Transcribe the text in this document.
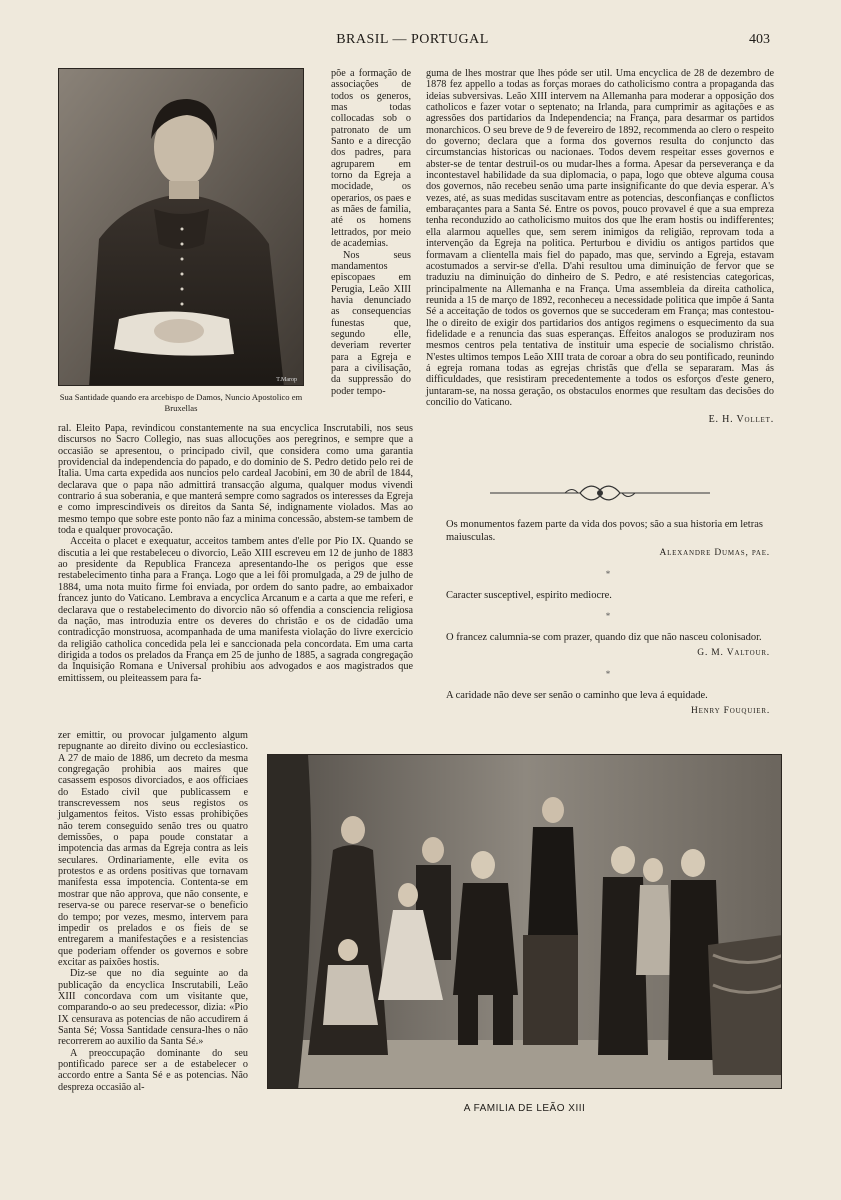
BRASIL — PORTUGAL	403
T.Marop
Sua Santidade quando era arcebispo de Damos, Nuncio Apostolico em Bruxellas

põe a formação de associações de todos os generos, mas todas collocadas sob o patronato de um Santo e a direcção dos padres, para agruparem em torno da Egreja a mocidade, os operarios, os paes e as mães de familia, até os homens lettrados, por meio de academias.

Nos seus mandamentos episcopaes em Perugia, Leão XIII havia denunciado as consequencias funestas que, segundo elle, deveriam reverter para a Egreja e para a civilisação, da suppressão do poder tempo-

ral. Eleito Papa, revindicou constantemente na sua encyclica Inscrutabili, nos seus discursos no Sacro Collegio, nas suas allocuções aos peregrinos, e sempre que a occasião se apresentou, o principado civil, que considera como uma garantia providencial da independencia do papado, e do dominio de S. Pedro detido pelo rei de Italia. Uma carta expedida aos nuncios pelo cardeal Jacobini, em 30 de abril de 1844, declarava que o papa não admittirá transacção alguma, qualquer modus vivendi contrario á sua soberania, e que manterá sempre como sagrados os interesses da Egreja e como imprescindiveis os direitos da Santa Sé, indignamente violados. Mas ao mesmo tempo que sobre este ponto não faz a minima concessão, abstem-se tambem de toda e qualquer provocação.

Acceita o placet e exequatur, acceitos tambem antes d'elle por Pio IX. Quando se discutia a lei que restabeleceu o divorcio, Leão XIII escreveu em 12 de junho de 1883 ao presidente da Republica Franceza apresentando-lhe os perigos que esse restabelecimento tinha para a França. Logo que a lei fôi promulgada, a 29 de julho de 1884, uma nota muito firme foi enviada, por ordem do santo padre, ao embaixador francez junto do Vaticano. Lembrava a encyclica Arcanum e a carta a que me referi, e declarava que o restabelecimento do divorcio não só offendia a consciencia religiosa da nação, mas introduzia entre os deveres do christão e os de cidadão uma contradicção monstruosa, acompanhada de uma manifesta violação do livre exercicio da religião catholica concedida pela lei e sanccionada pela concordata. Em uma carta dirigida a todos os prelados da França em 25 de junho de 1885, a sagrada congregação da Inquisição Romana e Universal prohibiu aos advogados e aos magistrados que emittissem, ou pleiteassem para fa-

zer emittir, ou provocar julgamento algum repugnante ao direito divino ou ecclesiastico. A 27 de maio de 1886, um decreto da mesma congregação prohibia aos maires que casassem esposos divorciados, e aos officiaes do Estado civil que publicassem e transcrevessem nos seus registos os julgamentos feitos. Visto essas prohibições não terem conseguido senão tres ou quatro demissões, o papa poude constatar a impotencia das armas da Egreja contra as leis seculares. Ordinariamente, elle evita os protestos e as ordens positivas que tornavam manifesta essa impotencia. Contenta-se em mostrar que não approva, que não consente, e reserva-se ou parece reservar-se o beneficio do tempo; por vezes, mesmo, intervem para impedir os prelados e os fieis de se entregarem a manifestações e a resistencias que poderiam offender os governos e sobre excitar as paixões hostis.

Diz-se que no dia seguinte ao da publicação da encyclica Inscrutabili, Leão XIII concordava com um visitante que, comparando-o ao seu predecessor, dizia: «Pio IX censurava as potencias de não accudirem á Santa Sé; Vossa Santidade censura-lhes o não recorrerem ao auxilio da Santa Sé.»

A preoccupação dominante do seu pontificado parece ser a de estabelecer o accordo entre a Santa Sé e as potencias. Não despreza occasião al-

guma de lhes mostrar que lhes póde ser util. Uma encyclica de 28 de dezembro de 1878 fez appello a todas as forças moraes do catholicismo contra a propaganda das ideias subversivas. Leão XIII intervem na Allemanha para moderar a opposição dos catholicos e fazer votar o septenato; na Irlanda, para cumprimir as agitações e as agressões dos partidarios da Independencia; na França, para desarmar os partidos monarchicos. O seu breve de 9 de fevereiro de 1892, recommenda ao clero o respeito do governo; declara que a forma dos governos resulta do conjuncto das circumstancias historicas ou nacionaes. Todos devem respeitar esses governos e abster-se de tentar destruil-os ou mudar-lhes a forma. Apesar da perseverança e da incontestavel habilidade da sua diplomacia, o papa, logo que obteve alguma cousa dos governos, não recebeu senão uma parte insignificante do que devia esperar. A's vezes, até, as suas medidas suscitavam entre as potencias, desconfianças e conflictos embaraçantes para a Santa Sé. Entre os povos, pouco provavel é que a sua empreza tenha reconduzido ao catholicismo muitos dos que lhe eram hostis ou indifferentes; ella alarmou aquelles que, sem serem inimigos da religião, reprovam toda a intervenção da Egreja na politica. Perturbou e dividiu os antigos partidos que formavam a clientella mais fiel do papado, mas que, servindo a Egreja, estavam acostumados a servir-se d'ella. D'ahi resultou uma diminuição de fervor que se traduziu na diminuição do dinheiro de S. Pedro, e até resistencias categoricas, principalmente na Allemanha e na França. Uma assembleia da direita catholica, reunida a 15 de março de 1892, reconheceu a necessidade politica que impõe á Santa Sé a acceitação de todos os governos que se succederam em França; mas contestou-lhe o direito de exigir dos partidarios dos antigos regimens o esquecimento da sua fidelidade e a renuncia das suas esperanças. Effeitos analogos se produziram nos mesmos centros pela tentativa de instituir uma especie de socialismo christão. N'estes ultimos tempos Leão XIII trata de coroar a obra do seu pontificado, reunindo á egreja romana todas as egrejas christãs que d'ella se separaram. Mas ás difficuldades, que resistiram precedentemente a todos os esforços d'este genero, juntaram-se, na nossa geração, os obstaculos enormes que resultam das decisões do concilio do Vaticano.

E. H. Vollet.
Os monumentos fazem parte da vida dos povos; são a sua historia em letras maiusculas.
Alexandre Dumas, pae.
*
Caracter susceptivel, espirito mediocre.
*
O francez calumnia-se com prazer, quando diz que não nasceu colonisador.
G. M. Valtour.
*
A caridade não deve ser senão o caminho que leva á equidade.
Henry Fouquier.
A FAMILIA DE LEÃO XIII
